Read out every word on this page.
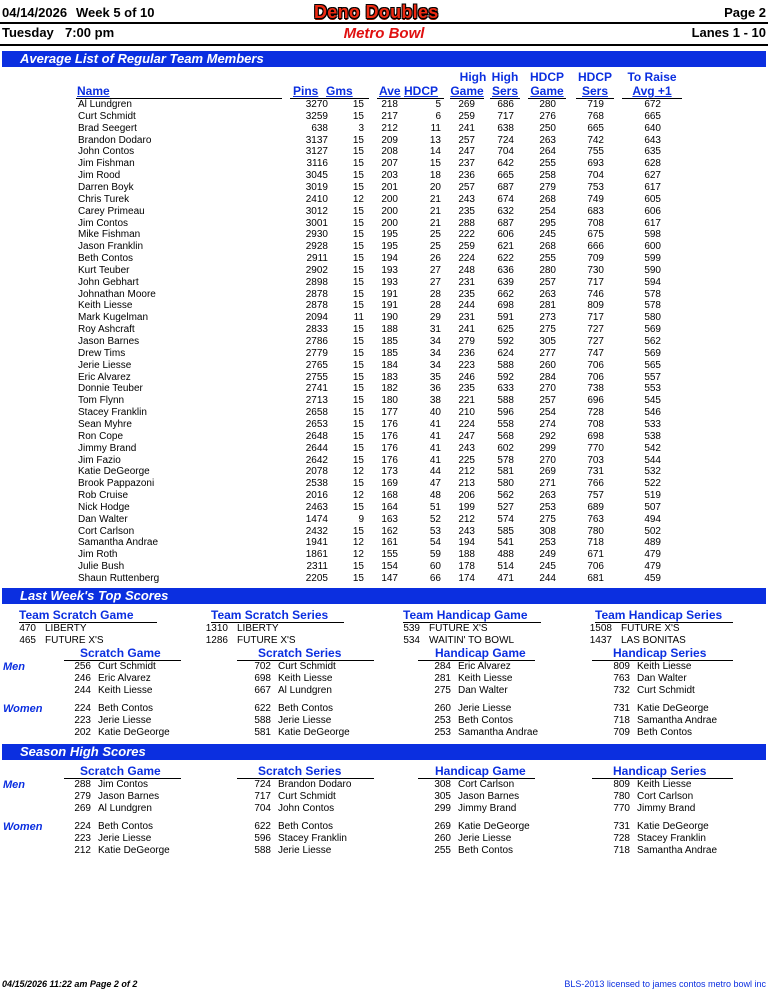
04/14/2026 Week 5 of 10	Deno Doubles	Page 2
Tuesday 7:00 pm	Metro Bowl	Lanes 1 - 10
Average List of Regular Team Members
High High HDCP HDCP	To Raise
Name	Pins Gms Ave HDCP Game Sers Game	Sers	Avg +1
Al Lundgren	3270	15	218	5	269	686	280	719	672
Curt Schmidt	3259	15	217	6	259	717	276	768	665
Brad Seegert	638	3	212	11	241	638	250	665	640
Brandon Dodaro	3137	15	209	13	257	724	263	742	643
John Contos	3127	15	208	14	247	704	264	755	635
Jim Fishman	3116	15	207	15	237	642	255	693	628
Jim Rood	3045	15	203	18	236	665	258	704	627
Darren Boyk	3019	15	201	20	257	687	279	753	617
Chris Turek	2410	12	200	21	243	674	268	749	605
Carey Primeau	3012	15	200	21	235	632	254	683	606
Jim Contos	3001	15	200	21	288	687	295	708	617
Mike Fishman	2930	15	195	25	222	606	245	675	598
Jason Franklin	2928	15	195	25	259	621	268	666	600
Beth Contos	2911	15	194	26	224	622	255	709	599
Kurt Teuber	2902	15	193	27	248	636	280	730	590
John Gebhart	2898	15	193	27	231	639	257	717	594
Johnathan Moore	2878	15	191	28	235	662	263	746	578
Keith Liesse	2878	15	191	28	244	698	281	809	578
Mark Kugelman	2094	11	190	29	231	591	273	717	580
Roy Ashcraft	2833	15	188	31	241	625	275	727	569
Jason Barnes	2786	15	185	34	279	592	305	727	562
Drew Tims	2779	15	185	34	236	624	277	747	569
Jerie Liesse	2765	15	184	34	223	588	260	706	565
Eric Alvarez	2755	15	183	35	246	592	284	706	557
Donnie Teuber	2741	15	182	36	235	633	270	738	553
Tom Flynn	2713	15	180	38	221	588	257	696	545
Stacey Franklin	2658	15	177	40	210	596	254	728	546
Sean Myhre	2653	15	176	41	224	558	274	708	533
Ron Cope	2648	15	176	41	247	568	292	698	538
Jimmy Brand	2644	15	176	41	243	602	299	770	542
Jim Fazio	2642	15	176	41	225	578	270	703	544
Katie DeGeorge	2078	12	173	44	212	581	269	731	532
Brook Pappazoni	2538	15	169	47	213	580	271	766	522
Rob Cruise	2016	12	168	48	206	562	263	757	519
Nick Hodge	2463	15	164	51	199	527	253	689	507
Dan Walter	1474	9	163	52	212	574	275	763	494
Cort Carlson	2432	15	162	53	243	585	308	780	502
Samantha Andrae	1941	12	161	54	194	541	253	718	489
Jim Roth	1861	12	155	59	188	488	249	671	479
Julie Bush	2311	15	154	60	178	514	245	706	479
Shaun Ruttenberg	2205	15	147	66	174	471	244	681	459
Last Week's Top Scores
Team Scratch Game
470 LIBERTY
465 FUTURE X'S
Team Scratch Series
1310 LIBERTY
1286 FUTURE X'S
Team Handicap Game
539 FUTURE X'S
534 WAITIN' TO BOWL
Team Handicap Series
1508 FUTURE X'S
1437 LAS BONITAS
Scratch Game	Scratch Series	Handicap Game	Handicap Series
Men
Women
256 Curt Schmidt
246 Eric Alvarez
244 Keith Liesse
702 Curt Schmidt
698 Keith Liesse
667 Al Lundgren
284 Eric Alvarez
281 Keith Liesse
275 Dan Walter
809 Keith Liesse
763 Dan Walter
732 Curt Schmidt
224 Beth Contos
223 Jerie Liesse
202 Katie DeGeorge
622 Beth Contos
588 Jerie Liesse
581 Katie DeGeorge
260 Jerie Liesse
253 Beth Contos
253 Samantha Andrae
731 Katie DeGeorge
718 Samantha Andrae
709 Beth Contos
Season High Scores
Scratch Game	Scratch Series	Handicap Game	Handicap Series
Men
Women
288 Jim Contos
279 Jason Barnes
269 Al Lundgren
724 Brandon Dodaro
717 Curt Schmidt
704 John Contos
308 Cort Carlson
305 Jason Barnes
299 Jimmy Brand
809 Keith Liesse
780 Cort Carlson
770 Jimmy Brand
224 Beth Contos
223 Jerie Liesse
212 Katie DeGeorge
622 Beth Contos
596 Stacey Franklin
588 Jerie Liesse
269 Katie DeGeorge
260 Jerie Liesse
255 Beth Contos
731 Katie DeGeorge
728 Stacey Franklin
718 Samantha Andrae
04/15/2026 11:22 am Page 2 of 2	BLS-2013 licensed to james contos metro bowl inc
